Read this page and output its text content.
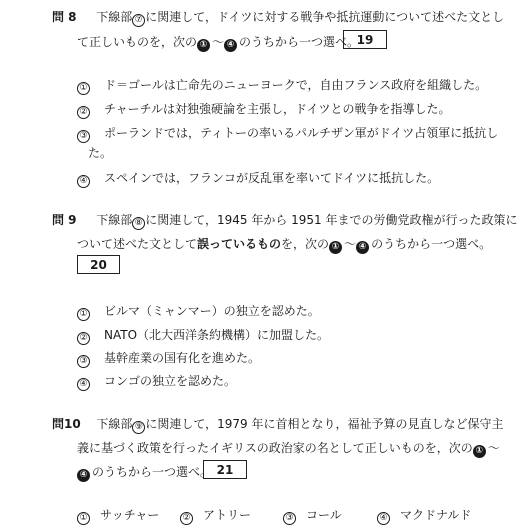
問 8 下線部 ⑦ に関連して，ドイツに対する戦争や抵抗運動について述べた文とし
て正しいものを，次の ① ～ ④ のうちから一つ選べ。
19
① ド＝ゴールは亡命先のニューヨークで，自由フランス政府を組織した。
② チャーチルは対独強硬論を主張し，ドイツとの戦争を指導した。
③ ポーランドでは，ティトーの率いるパルチザン軍がドイツ占領軍に抵抗し
た。
④ スペインでは，フランコが反乱軍を率いてドイツに抵抗した。
問 9 下線部 ⑧ に関連して，1945 年から 1951 年までの労働党政権が行った政策に
ついて述べた文として誤っているものを，次の ① ～ ④ のうちから一つ選べ。
20
① ビルマ（ミャンマー）の独立を認めた。
② NATO（北大西洋条約機構）に加盟した。
③ 基幹産業の国有化を進めた。
④ コンゴの独立を認めた。
問10 下線部 ⑨ に関連して，1979 年に首相となり，福祉予算の見直しなど保守主
義に基づく政策を行ったイギリスの政治家の名として正しいものを，次の ① ～
④ のうちから一つ選べ。 21
① サッチャー	② アトリー	③ コール	④ マクドナルド
